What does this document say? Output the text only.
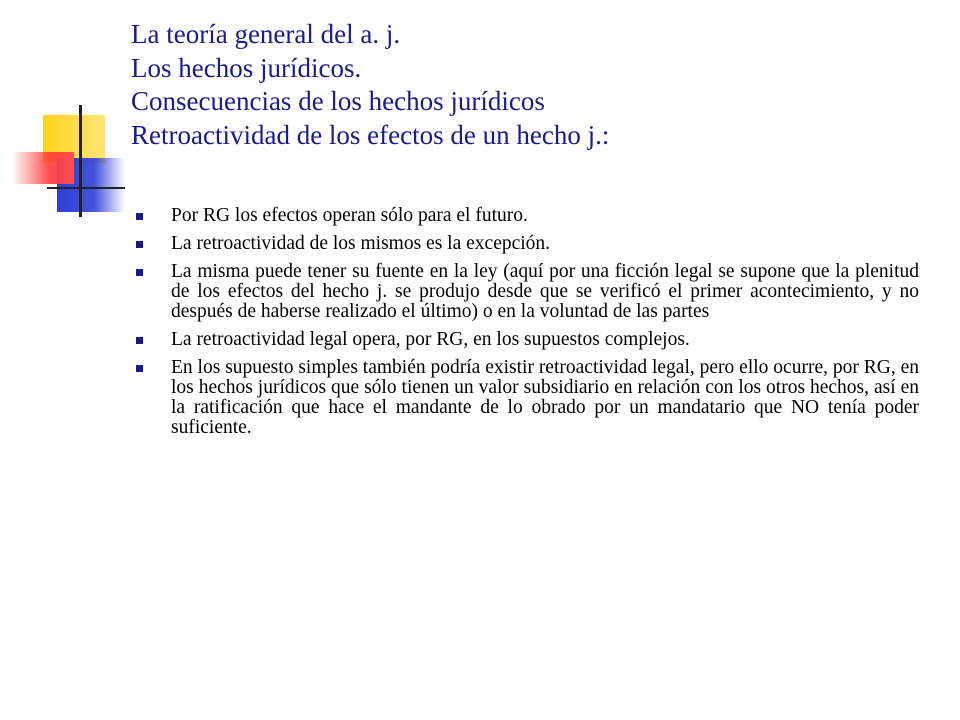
La teoría general del a. j.
Los hechos jurídicos.
Consecuencias de los hechos jurídicos
Retroactividad de los efectos de un hecho j.:
Por RG los efectos operan sólo para el futuro.
La retroactividad de los mismos es la excepción.
La misma puede tener su fuente en la ley (aquí por una ficción legal se supone que la plenitud de los efectos del hecho j. se produjo desde que se verificó el primer acontecimiento, y no después de haberse realizado el último) o en la voluntad de las partes
La retroactividad legal opera, por RG, en los supuestos complejos.
En los supuesto simples también podría existir retroactividad legal, pero ello ocurre, por RG, en los hechos jurídicos que sólo tienen un valor subsidiario en relación con los otros hechos, así en la ratificación que hace el mandante de lo obrado por un mandatario que NO tenía poder suficiente.
